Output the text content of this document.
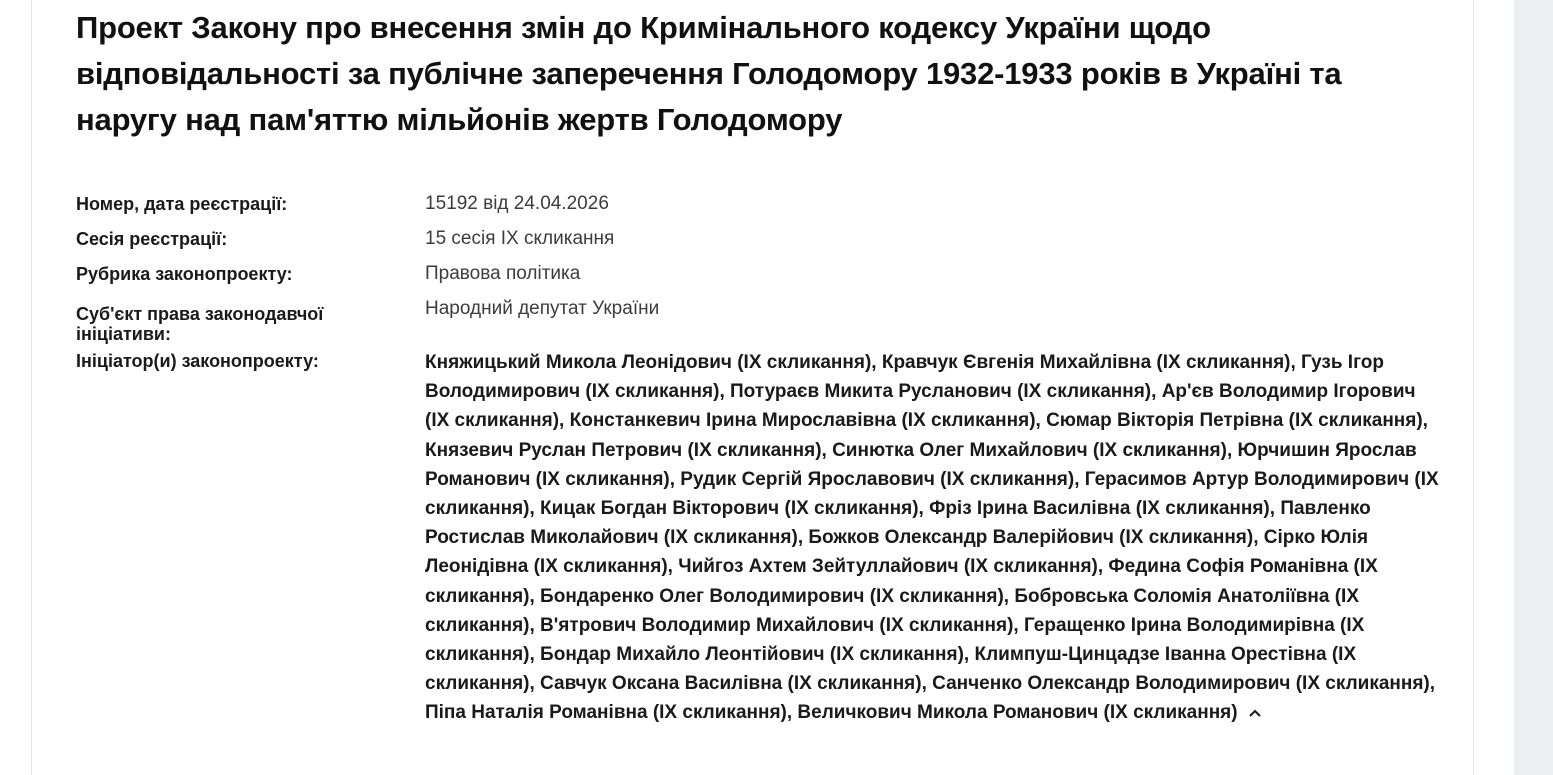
Проект Закону про внесення змін до Кримінального кодексу України щодо відповідальності за публічне заперечення Голодомору 1932-1933 років в Україні та наругу над пам'яттю мільйонів жертв Голодомору
Номер, дата реєстрації:	15192 від 24.04.2026
Сесія реєстрації:	15 сесія IX скликання
Рубрика законопроекту:	Правова політика
Суб'єкт права законодавчої ініціативи:
Народний депутат України
Ініціатор(и) законопроекту:	Княжицький Микола Леонідович (IX скликання), Кравчук Євгенія Михайлівна (IX скликання), Гузь Ігор Володимирович (IX скликання), Потураєв Микита Русланович (IX скликання), Ар'єв Володимир Ігорович (IX скликання), Констанкевич Ірина Мирославівна (IX скликання), Сюмар Вікторія Петрівна (IX скликання), Князевич Руслан Петрович (IX скликання), Синютка Олег Михайлович (IX скликання), Юрчишин Ярослав Романович (IX скликання), Рудик Сергій Ярославович (IX скликання), Герасимов Артур Володимирович (IX скликання), Кицак Богдан Вікторович (IX скликання), Фріз Ірина Василівна (IX скликання), Павленко Ростислав Миколайович (IX скликання), Божков Олександр Валерійович (IX скликання), Сірко Юлія Леонідівна (IX скликання), Чийгоз Ахтем Зейтуллайович (IX скликання), Федина Софія Романівна (IX скликання), Бондаренко Олег Володимирович (IX скликання), Бобровська Соломія Анатоліївна (IX скликання), В'ятрович Володимир Михайлович (IX скликання), Геращенко Ірина Володимирівна (IX скликання), Бондар Михайло Леонтійович (IX скликання), Климпуш-Цинцадзе Іванна Орестівна (IX скликання), Савчук Оксана Василівна (IX скликання), Санченко Олександр Володимирович (IX скликання), Піпа Наталія Романівна (IX скликання), Величкович Микола Романович (IX скликання)
